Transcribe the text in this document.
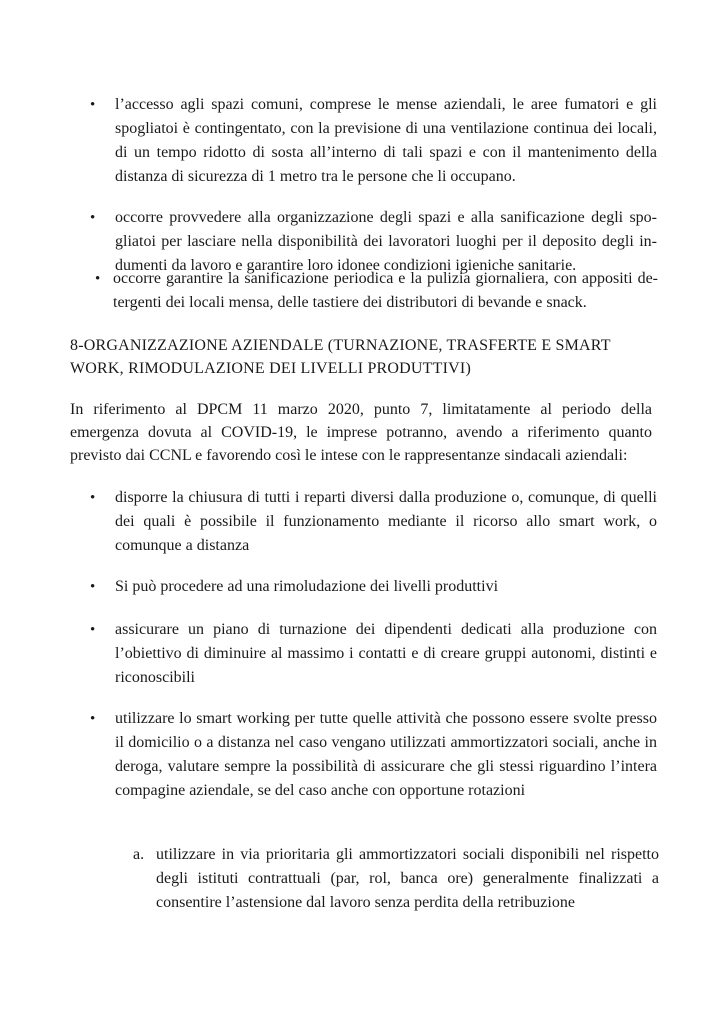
• l’accesso agli spazi comuni, comprese le mense aziendali, le aree fumatori e gli spogliatoi è contingentato, con la previsione di una ventilazione continua dei locali, di un tempo ridotto di sosta all’interno di tali spazi e con il mantenimento della distanza di sicurezza di 1 metro tra le persone che li occupano.
• occorre provvedere alla organizzazione degli spazi e alla sanificazione degli spo-gliatoi per lasciare nella disponibilità dei lavoratori luoghi per il deposito degli in-dumenti da lavoro e garantire loro idonee condizioni igieniche sanitarie.
• occorre garantire la sanificazione periodica e la pulizia giornaliera, con appositi de-tergenti dei locali mensa, delle tastiere dei distributori di bevande e snack.
8-ORGANIZZAZIONE AZIENDALE (TURNAZIONE, TRASFERTE E SMART WORK, RIMODULAZIONE DEI LIVELLI PRODUTTIVI)
In riferimento al DPCM 11 marzo 2020, punto 7, limitatamente al periodo della emergenza dovuta al COVID-19, le imprese potranno, avendo a riferimento quanto previsto dai CCNL e favorendo così le intese con le rappresentanze sindacali aziendali:
• disporre la chiusura di tutti i reparti diversi dalla produzione o, comunque, di quelli dei quali è possibile il funzionamento mediante il ricorso allo smart work, o comunque a distanza
• Si può procedere ad una rimoludazione dei livelli produttivi
• assicurare un piano di turnazione dei dipendenti dedicati alla produzione con l’obiettivo di diminuire al massimo i contatti e di creare gruppi autonomi, distinti e riconoscibili
• utilizzare lo smart working per tutte quelle attività che possono essere svolte presso il domicilio o a distanza nel caso vengano utilizzati ammortizzatori sociali, anche in deroga, valutare sempre la possibilità di assicurare che gli stessi riguardino l’intera compagine aziendale, se del caso anche con opportune rotazioni
a. utilizzare in via prioritaria gli ammortizzatori sociali disponibili nel rispetto degli istituti contrattuali (par, rol, banca ore) generalmente finalizzati a consentire l’astensione dal lavoro senza perdita della retribuzione
